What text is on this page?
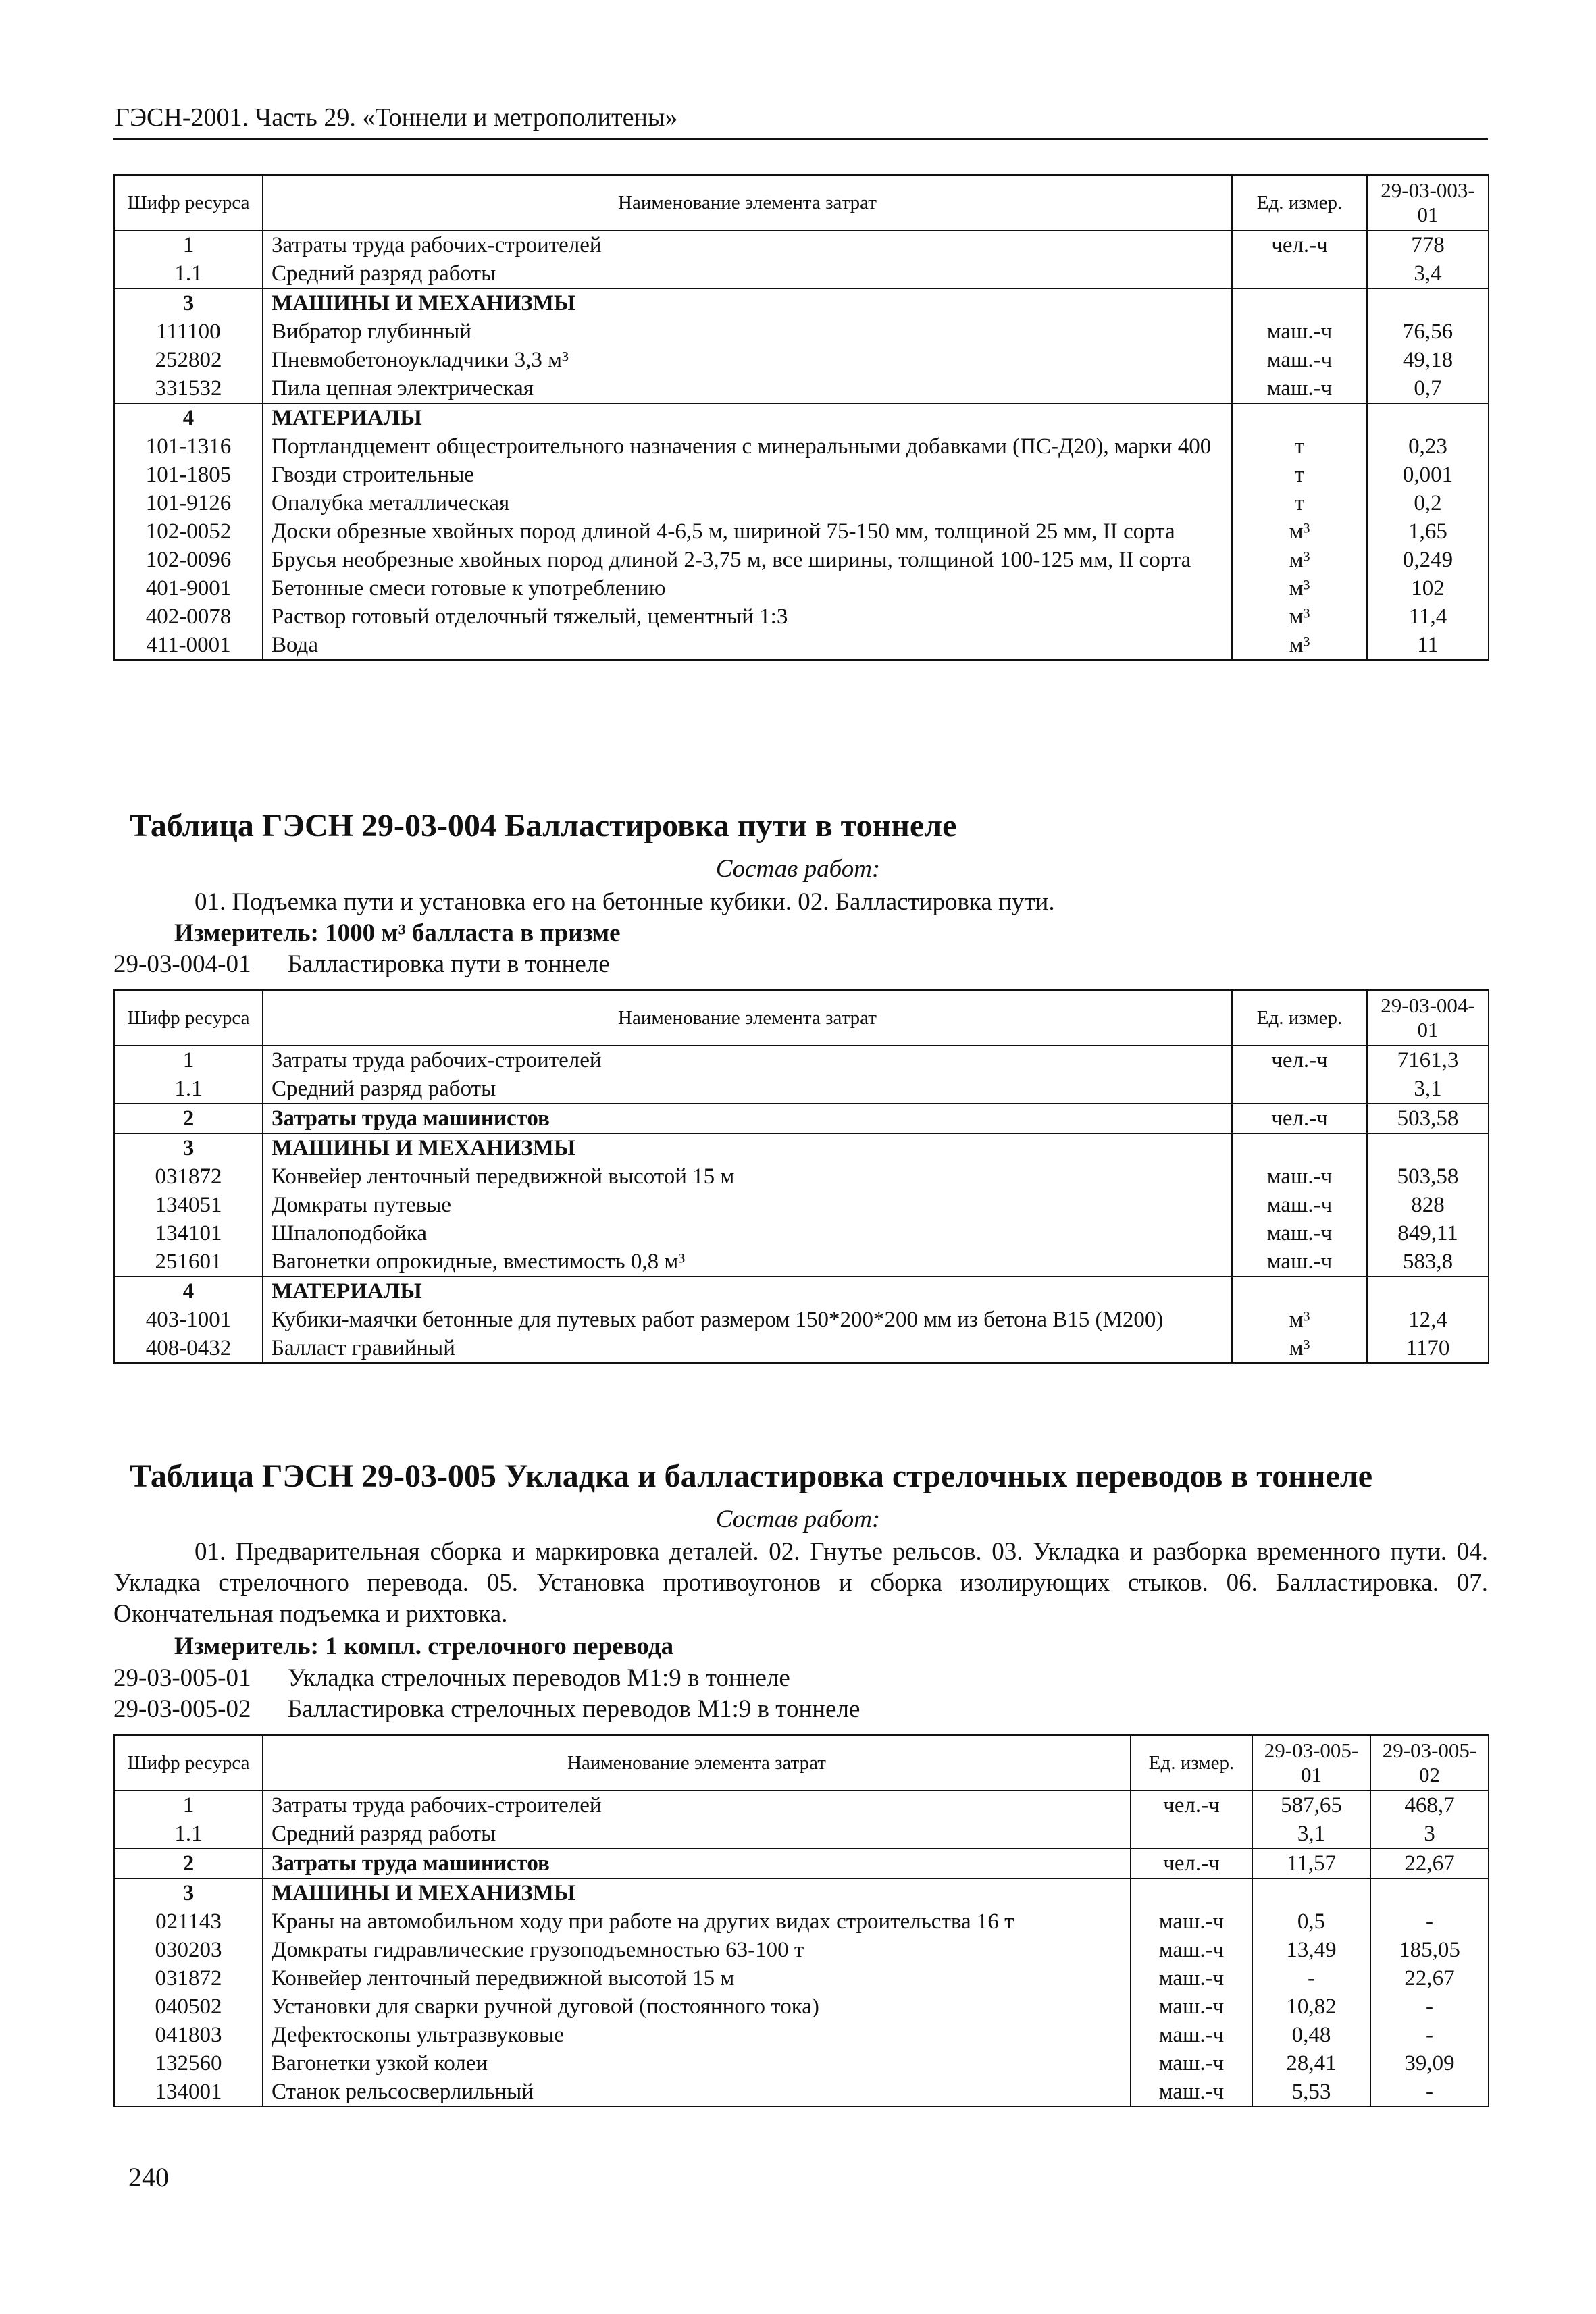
ГЭСН-2001. Часть 29. «Тоннели и метрополитены»
Шифр ресурса	Наименование элемента затрат	Ед. измер.	29-03-003-01
1	Затраты труда рабочих-строителей	чел.-ч	778
1.1	Средний разряд работы		3,4
3	МАШИНЫ И МЕХАНИЗМЫ		
111100	Вибратор глубинный	маш.-ч	76,56
252802	Пневмобетоноукладчики 3,3 м³	маш.-ч	49,18
331532	Пила цепная электрическая	маш.-ч	0,7
4	МАТЕРИАЛЫ		
101-1316	Портландцемент общестроительного назначения с минеральными добавками (ПС-Д20), марки 400	т	0,23
101-1805	Гвозди строительные	т	0,001
101-9126	Опалубка металлическая	т	0,2
102-0052	Доски обрезные хвойных пород длиной 4-6,5 м, шириной 75-150 мм, толщиной 25 мм, II сорта	м³	1,65
102-0096	Брусья необрезные хвойных пород длиной 2-3,75 м, все ширины, толщиной 100-125 мм, II сорта	м³	0,249
401-9001	Бетонные смеси готовые к употреблению	м³	102
402-0078	Раствор готовый отделочный тяжелый, цементный 1:3	м³	11,4
411-0001	Вода	м³	11
Таблица ГЭСН 29-03-004 Балластировка пути в тоннеле
Состав работ:
01. Подъемка пути и установка его на бетонные кубики. 02. Балластировка пути.
Измеритель: 1000 м³ балласта в призме
29-03-004-01 Балластировка пути в тоннеле
Шифр ресурса	Наименование элемента затрат	Ед. измер.	29-03-004-01
1	Затраты труда рабочих-строителей	чел.-ч	7161,3
1.1	Средний разряд работы		3,1
2	Затраты труда машинистов	чел.-ч	503,58
3	МАШИНЫ И МЕХАНИЗМЫ		
031872	Конвейер ленточный передвижной высотой 15 м	маш.-ч	503,58
134051	Домкраты путевые	маш.-ч	828
134101	Шпалоподбойка	маш.-ч	849,11
251601	Вагонетки опрокидные, вместимость 0,8 м³	маш.-ч	583,8
4	МАТЕРИАЛЫ		
403-1001	Кубики-маячки бетонные для путевых работ размером 150*200*200 мм из бетона В15 (М200)	м³	12,4
408-0432	Балласт гравийный	м³	1170
Таблица ГЭСН 29-03-005 Укладка и балластировка стрелочных переводов в тоннеле
Состав работ:
01. Предварительная сборка и маркировка деталей. 02. Гнутье рельсов. 03. Укладка и разборка временного пути. 04. Укладка стрелочного перевода. 05. Установка противоугонов и сборка изолирующих стыков. 06. Балластировка. 07. Окончательная подъемка и рихтовка.
Измеритель: 1 компл. стрелочного перевода
29-03-005-01 Укладка стрелочных переводов М1:9 в тоннеле
29-03-005-02 Балластировка стрелочных переводов М1:9 в тоннеле
Шифр ресурса	Наименование элемента затрат	Ед. измер.	29-03-005-01	29-03-005-02
1	Затраты труда рабочих-строителей	чел.-ч	587,65	468,7
1.1	Средний разряд работы		3,1	3
2	Затраты труда машинистов	чел.-ч	11,57	22,67
3	МАШИНЫ И МЕХАНИЗМЫ			
021143	Краны на автомобильном ходу при работе на других видах строительства 16 т	маш.-ч	0,5	-
030203	Домкраты гидравлические грузоподъемностью 63-100 т	маш.-ч	13,49	185,05
031872	Конвейер ленточный передвижной высотой 15 м	маш.-ч	-	22,67
040502	Установки для сварки ручной дуговой (постоянного тока)	маш.-ч	10,82	-
041803	Дефектоскопы ультразвуковые	маш.-ч	0,48	-
132560	Вагонетки узкой колеи	маш.-ч	28,41	39,09
134001	Станок рельсосверлильный	маш.-ч	5,53	-
240
